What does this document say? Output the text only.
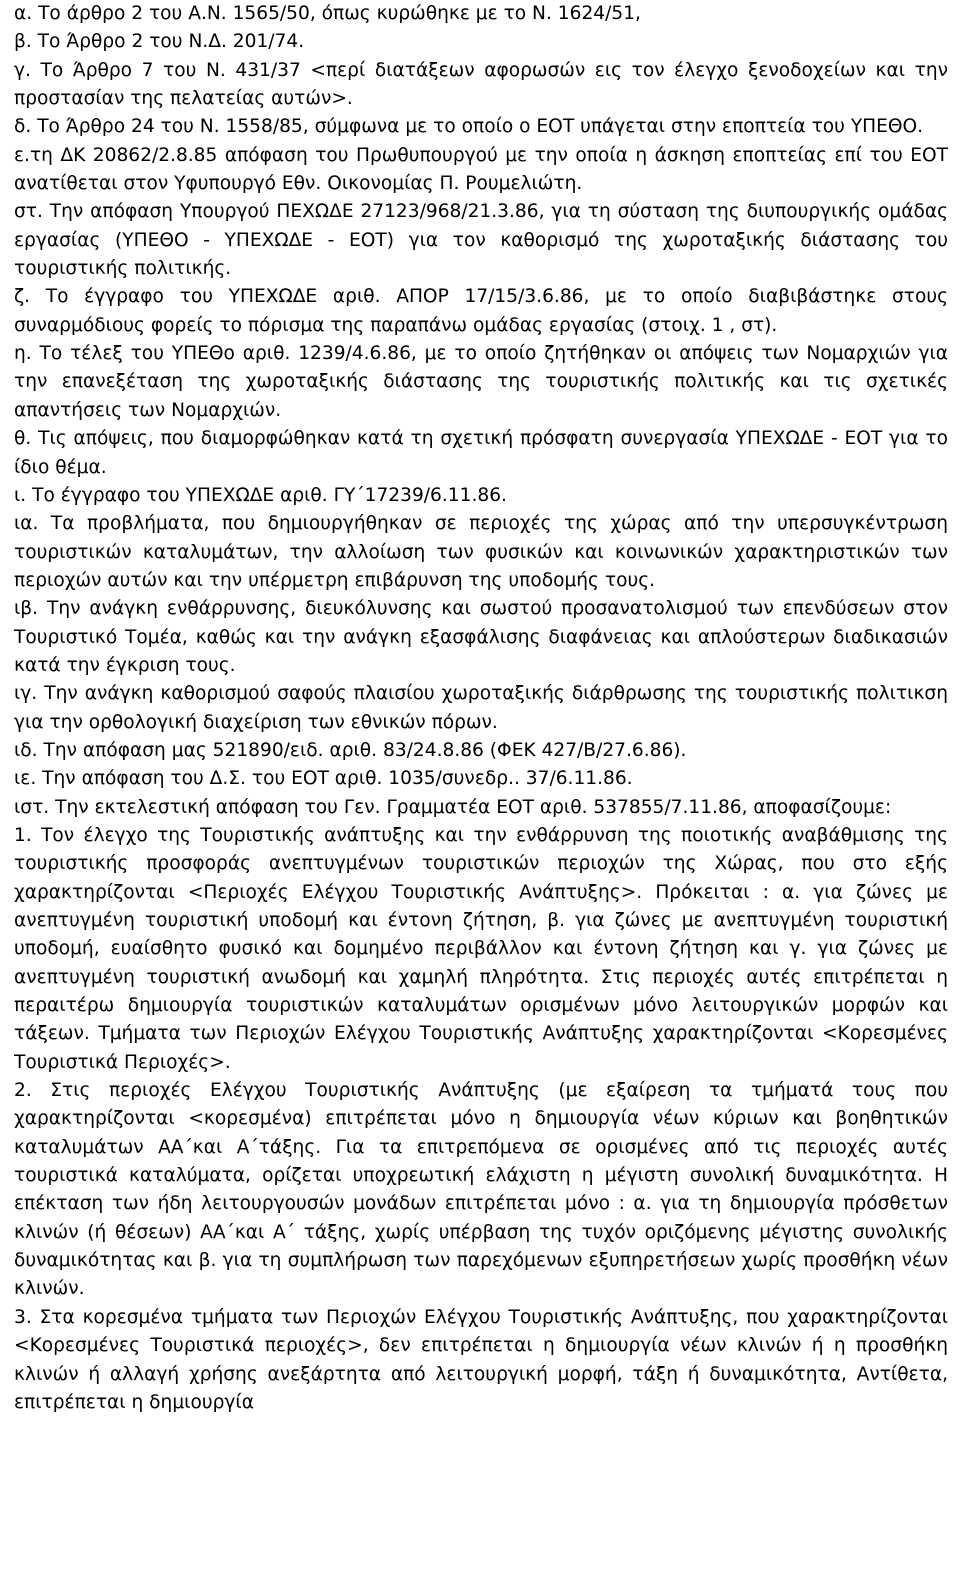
α. Το άρθρο 2 του Α.Ν. 1565/50, όπως κυρώθηκε με το Ν. 1624/51,

β. Το Άρθρο 2 του Ν.Δ. 201/74.

γ. Το Άρθρο 7 του Ν. 431/37 <περί διατάξεων αφορωσών εις τον έλεγχο ξενοδοχείων και την προστασίαν της πελατείας αυτών>.

δ. Το Άρθρο 24 του Ν. 1558/85, σύμφωνα με το οποίο ο ΕΟΤ υπάγεται στην εποπτεία του ΥΠΕΘΟ.

ε.τη ΔΚ 20862/2.8.85 απόφαση του Πρωθυπουργού με την οποία η άσκηση εποπτείας επί του ΕΟΤ ανατίθεται στον Υφυπουργό Εθν. Οικονομίας Π. Ρουμελιώτη.

στ. Την απόφαση Υπουργού ΠΕΧΩΔΕ 27123/968/21.3.86, για τη σύσταση της διυπουργικής ομάδας εργασίας (ΥΠΕΘΟ - ΥΠΕΧΩΔΕ - ΕΟΤ) για τον καθορισμό της χωροταξικής διάστασης του τουριστικής πολιτικής.

ζ. Το έγγραφο του ΥΠΕΧΩΔΕ αριθ. ΑΠΟΡ 17/15/3.6.86, με το οποίο διαβιβάστηκε στους συναρμόδιους φορείς το πόρισμα της παραπάνω ομάδας εργασίας (στοιχ. 1 , στ).

η. Το τέλεξ του ΥΠΕΘο αριθ. 1239/4.6.86, με το οποίο ζητήθηκαν οι απόψεις των Νομαρχιών για την επανεξέταση της χωροταξικής διάστασης της τουριστικής πολιτικής και τις σχετικές απαντήσεις των Νομαρχιών.

θ. Τις απόψεις, που διαμορφώθηκαν κατά τη σχετική πρόσφατη συνεργασία ΥΠΕΧΩΔΕ - ΕΟΤ για το ίδιο θέμα.

ι. Το έγγραφο του ΥΠΕΧΩΔΕ αριθ. ΓΥ΄17239/6.11.86.

ια. Τα προβλήματα, που δημιουργήθηκαν σε περιοχές της χώρας από την υπερσυγκέντρωση τουριστικών καταλυμάτων, την αλλοίωση των φυσικών και κοινωνικών χαρακτηριστικών των περιοχών αυτών και την υπέρμετρη επιβάρυνση της υποδομής τους.

ιβ. Την ανάγκη ενθάρρυνσης, διευκόλυνσης και σωστού προσανατολισμού των επενδύσεων στον Τουριστικό Τομέα, καθώς και την ανάγκη εξασφάλισης διαφάνειας και απλούστερων διαδικασιών κατά την έγκριση τους.

ιγ. Την ανάγκη καθορισμού σαφούς πλαισίου χωροταξικής διάρθρωσης της τουριστικής πολιτικση για την ορθολογική διαχείριση των εθνικών πόρων.

ιδ. Την απόφαση μας 521890/ειδ. αριθ. 83/24.8.86 (ΦΕΚ 427/Β/27.6.86).

ιε. Την απόφαση του Δ.Σ. του ΕΟΤ αριθ. 1035/συνεδρ.. 37/6.11.86.

ιστ. Την εκτελεστική απόφαση του Γεν. Γραμματέα ΕΟΤ αριθ. 537855/7.11.86, αποφασίζουμε:

1. Τον έλεγχο της Τουριστικής ανάπτυξης και την ενθάρρυνση της ποιοτικής αναβάθμισης της τουριστικής προσφοράς ανεπτυγμένων τουριστικών περιοχών της Χώρας, που στο εξής χαρακτηρίζονται <Περιοχές Ελέγχου Τουριστικής Ανάπτυξης>. Πρόκειται : α. για ζώνες με ανεπτυγμένη τουριστική υποδομή και έντονη ζήτηση, β. για ζώνες με ανεπτυγμένη τουριστική υποδομή, ευαίσθητο φυσικό και δομημένο περιβάλλον και έντονη ζήτηση και γ. για ζώνες με ανεπτυγμένη τουριστική ανωδομή και χαμηλή πληρότητα. Στις περιοχές αυτές επιτρέπεται η περαιτέρω δημιουργία τουριστικών καταλυμάτων ορισμένων μόνο λειτουργικών μορφών και τάξεων. Τμήματα των Περιοχών Ελέγχου Τουριστικής Ανάπτυξης χαρακτηρίζονται <Κορεσμένες Τουριστικά Περιοχές>.

2. Στις περιοχές Ελέγχου Τουριστικής Ανάπτυξης (με εξαίρεση τα τμήματά τους που χαρακτηρίζονται <κορεσμένα) επιτρέπεται μόνο η δημιουργία νέων κύριων και βοηθητικών καταλυμάτων ΑΑ΄και Α΄τάξης. Για τα επιτρεπόμενα σε ορισμένες από τις περιοχές αυτές τουριστικά καταλύματα, ορίζεται υποχρεωτική ελάχιστη η μέγιστη συνολική δυναμικότητα. Η επέκταση των ήδη λειτουργουσών μονάδων επιτρέπεται μόνο : α. για τη δημιουργία πρόσθετων κλινών (ή θέσεων) ΑΑ΄και Α΄ τάξης, χωρίς υπέρβαση της τυχόν οριζόμενης μέγιστης συνολικής δυναμικότητας και β. για τη συμπλήρωση των παρεχόμενων εξυπηρετήσεων χωρίς προσθήκη νέων κλινών.

3. Στα κορεσμένα τμήματα των Περιοχών Ελέγχου Τουριστικής Ανάπτυξης, που χαρακτηρίζονται <Κορεσμένες Τουριστικά περιοχές>, δεν επιτρέπεται η δημιουργία νέων κλινών ή η προσθήκη κλινών ή αλλαγή χρήσης ανεξάρτητα από λειτουργική μορφή, τάξη ή δυναμικότητα, Αντίθετα, επιτρέπεται η δημιουργία
